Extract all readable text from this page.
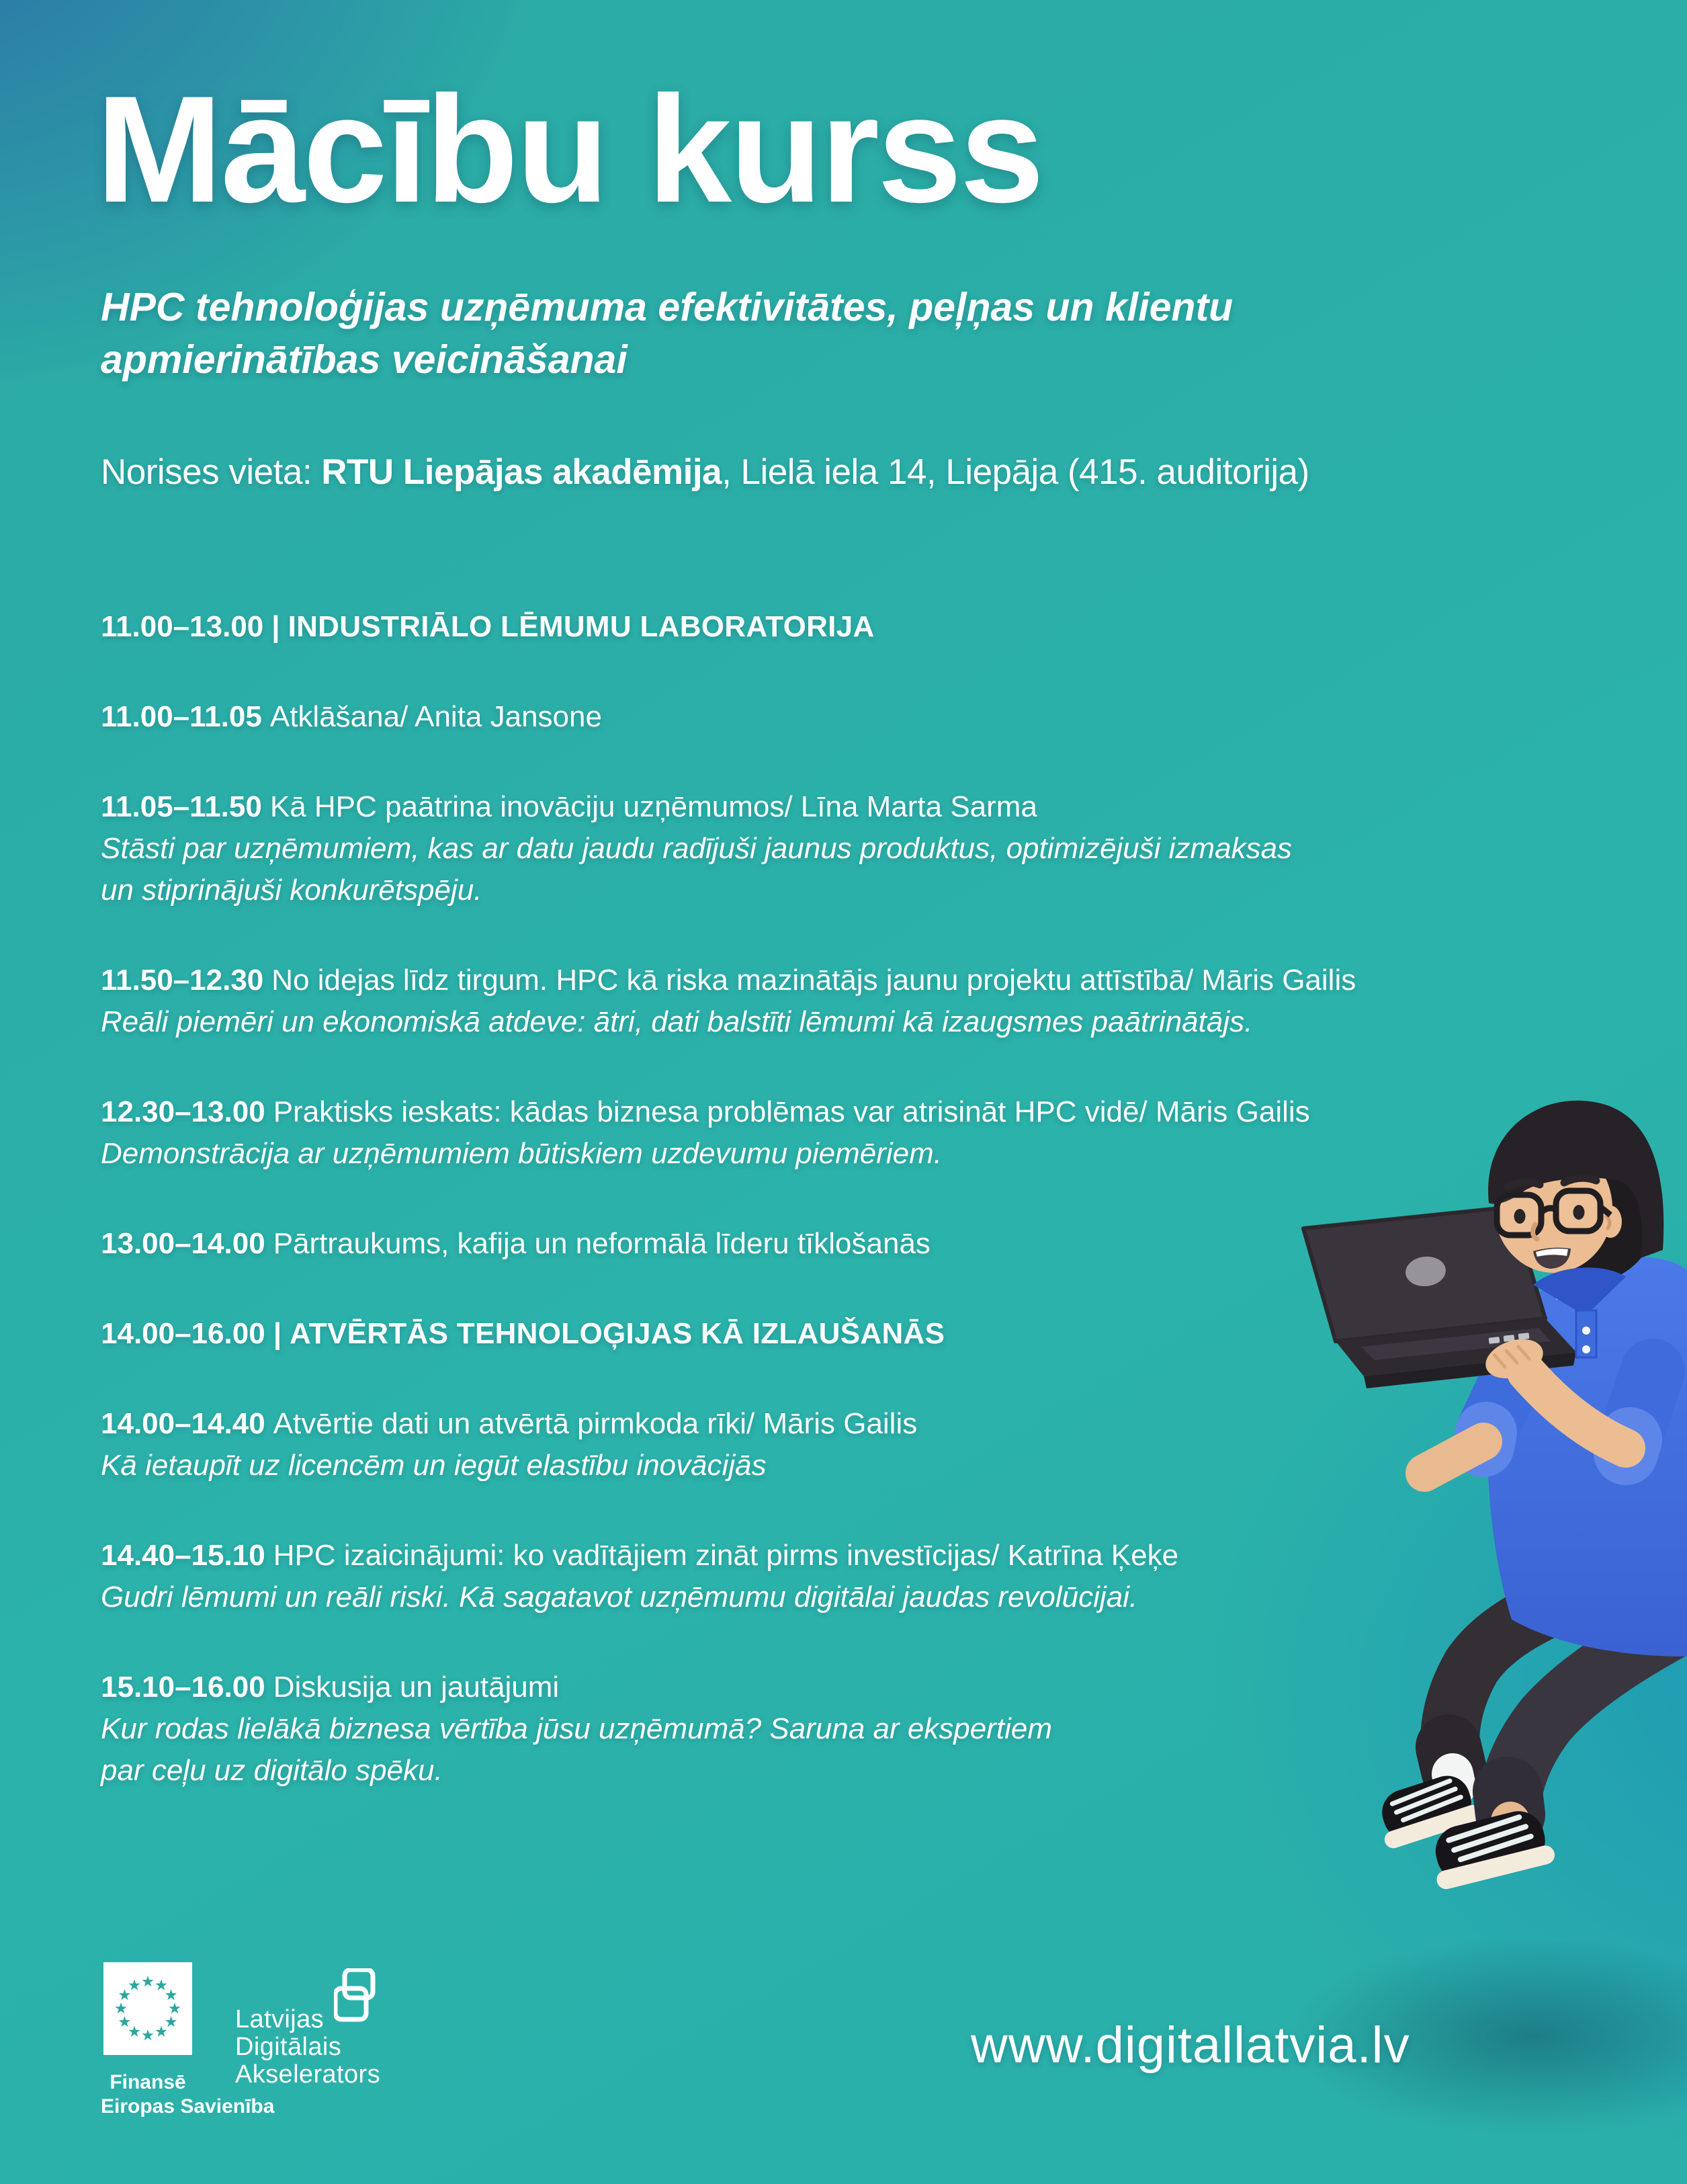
Mācību kurss
HPC tehnoloģijas uzņēmuma efektivitātes, peļņas un klientu
apmierinātības veicināšanai
Norises vieta: RTU Liepājas akadēmija, Lielā iela 14, Liepāja (415. auditorija)
11.00–13.00 | INDUSTRIĀLO LĒMUMU LABORATORIJA
11.00–11.05 Atklāšana/ Anita Jansone
11.05–11.50 Kā HPC paātrina inovāciju uzņēmumos/ Līna Marta Sarma
Stāsti par uzņēmumiem, kas ar datu jaudu radījuši jaunus produktus, optimizējuši izmaksas
un stiprinājuši konkurētspēju.
11.50–12.30 No idejas līdz tirgum. HPC kā riska mazinātājs jaunu projektu attīstībā/ Māris Gailis
Reāli piemēri un ekonomiskā atdeve: ātri, dati balstīti lēmumi kā izaugsmes paātrinātājs.
12.30–13.00 Praktisks ieskats: kādas biznesa problēmas var atrisināt HPC vidē/ Māris Gailis
Demonstrācija ar uzņēmumiem būtiskiem uzdevumu piemēriem.
13.00–14.00 Pārtraukums, kafija un neformālā līderu tīklošanās
14.00–16.00 | ATVĒRTĀS TEHNOLOĢIJAS KĀ IZLAUŠANĀS
14.00–14.40 Atvērtie dati un atvērtā pirmkoda rīki/ Māris Gailis
Kā ietaupīt uz licencēm un iegūt elastību inovācijās
14.40–15.10 HPC izaicinājumi: ko vadītājiem zināt pirms investīcijas/ Katrīna Ķeķe
Gudri lēmumi un reāli riski. Kā sagatavot uzņēmumu digitālai jaudas revolūcijai.
15.10–16.00 Diskusija un jautājumi
Kur rodas lielākā biznesa vērtība jūsu uzņēmumā? Saruna ar ekspertiem
par ceļu uz digitālo spēku.
Finansē
Eiropas Savienība
Latvijas
Digitālais
Akselerators
www.digitallatvia.lv
